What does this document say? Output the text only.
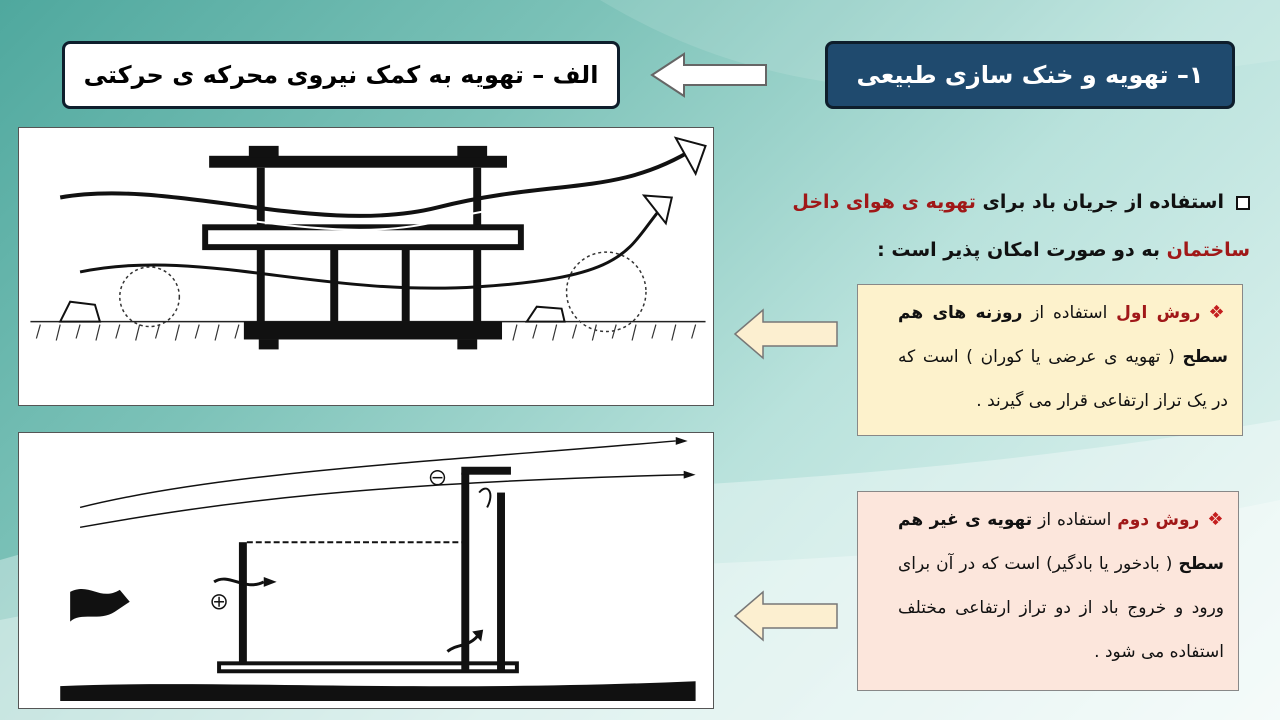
۱– تهویه و خنک سازی طبیعی
الف – تهویه به کمک نیروی محرکه ی حرکتی
استفاده از جریان باد برای تهویه ی هوای داخل ساختمان به دو صورت امکان پذیر است :
❖روش اول استفاده از روزنه های هم سطح ( تهویه ی عرضی یا کوران ) است که در یک تراز ارتفاعی قرار می گیرند .
❖روش دوم استفاده از تهویه ی غیر هم سطح ( بادخور یا بادگیر) است که در آن برای ورود و خروج باد از دو تراز ارتفاعی مختلف استفاده می شود .
